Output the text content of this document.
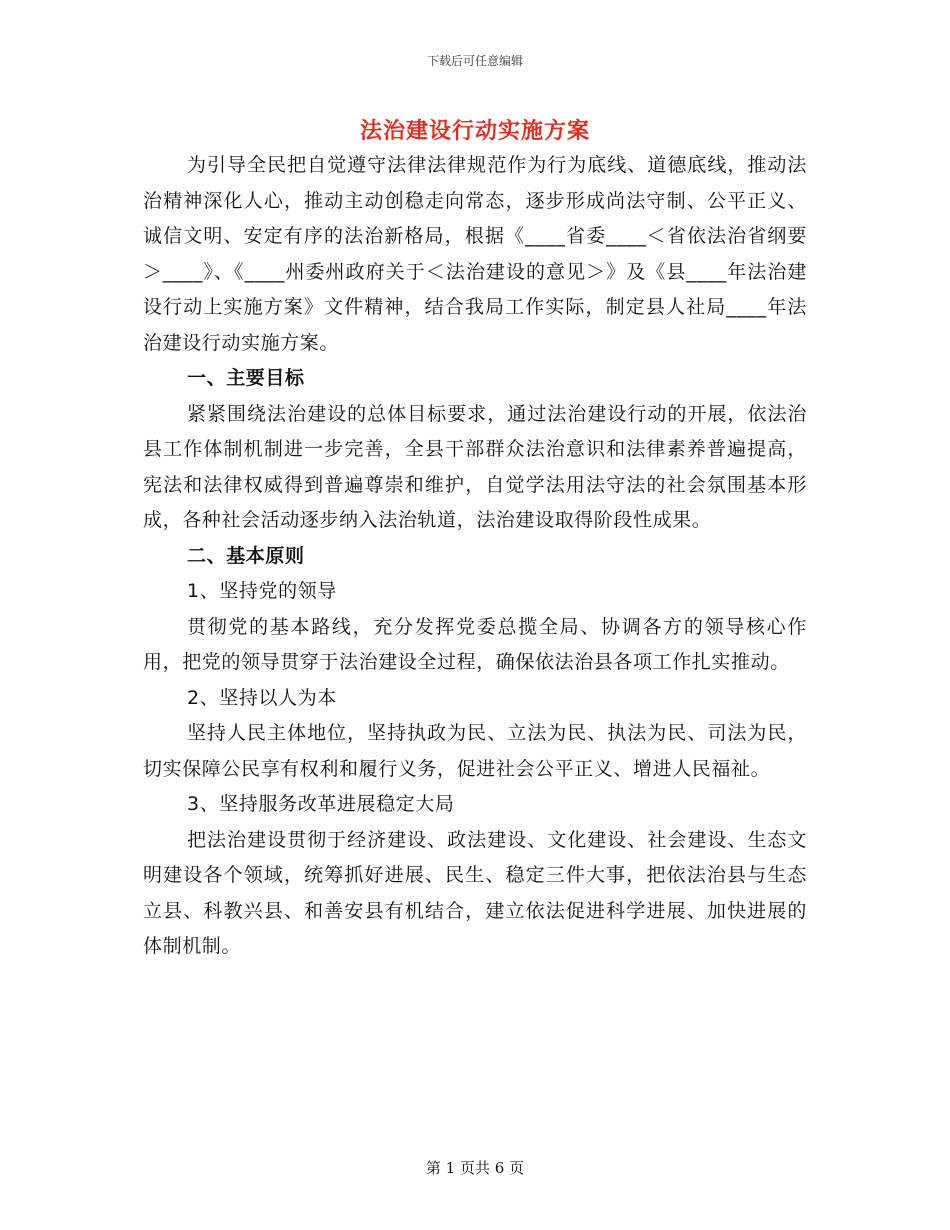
下载后可任意编辑
法治建设行动实施方案

为引导全民把自觉遵守法律法律规范作为行为底线、道德底线，推动法治精神深化人心，推动主动创稳走向常态，逐步形成尚法守制、公平正义、诚信文明、安定有序的法治新格局，根据《____省委____＜省依法治省纲要＞____》、《____州委州政府关于＜法治建设的意见＞》及《县____年法治建设行动上实施方案》文件精神，结合我局工作实际，制定县人社局____年法治建设行动实施方案。

一、主要目标

紧紧围绕法治建设的总体目标要求，通过法治建设行动的开展，依法治县工作体制机制进一步完善，全县干部群众法治意识和法律素养普遍提高，宪法和法律权威得到普遍尊崇和维护，自觉学法用法守法的社会氛围基本形成，各种社会活动逐步纳入法治轨道，法治建设取得阶段性成果。

二、基本原则

1、坚持党的领导

贯彻党的基本路线，充分发挥党委总揽全局、协调各方的领导核心作用，把党的领导贯穿于法治建设全过程，确保依法治县各项工作扎实推动。

2、坚持以人为本

坚持人民主体地位，坚持执政为民、立法为民、执法为民、司法为民，切实保障公民享有权利和履行义务，促进社会公平正义、增进人民福祉。

3、坚持服务改革进展稳定大局

把法治建设贯彻于经济建设、政法建设、文化建设、社会建设、生态文明建设各个领域，统筹抓好进展、民生、稳定三件大事，把依法治县与生态立县、科教兴县、和善安县有机结合，建立依法促进科学进展、加快进展的体制机制。

第 1 页共 6 页
